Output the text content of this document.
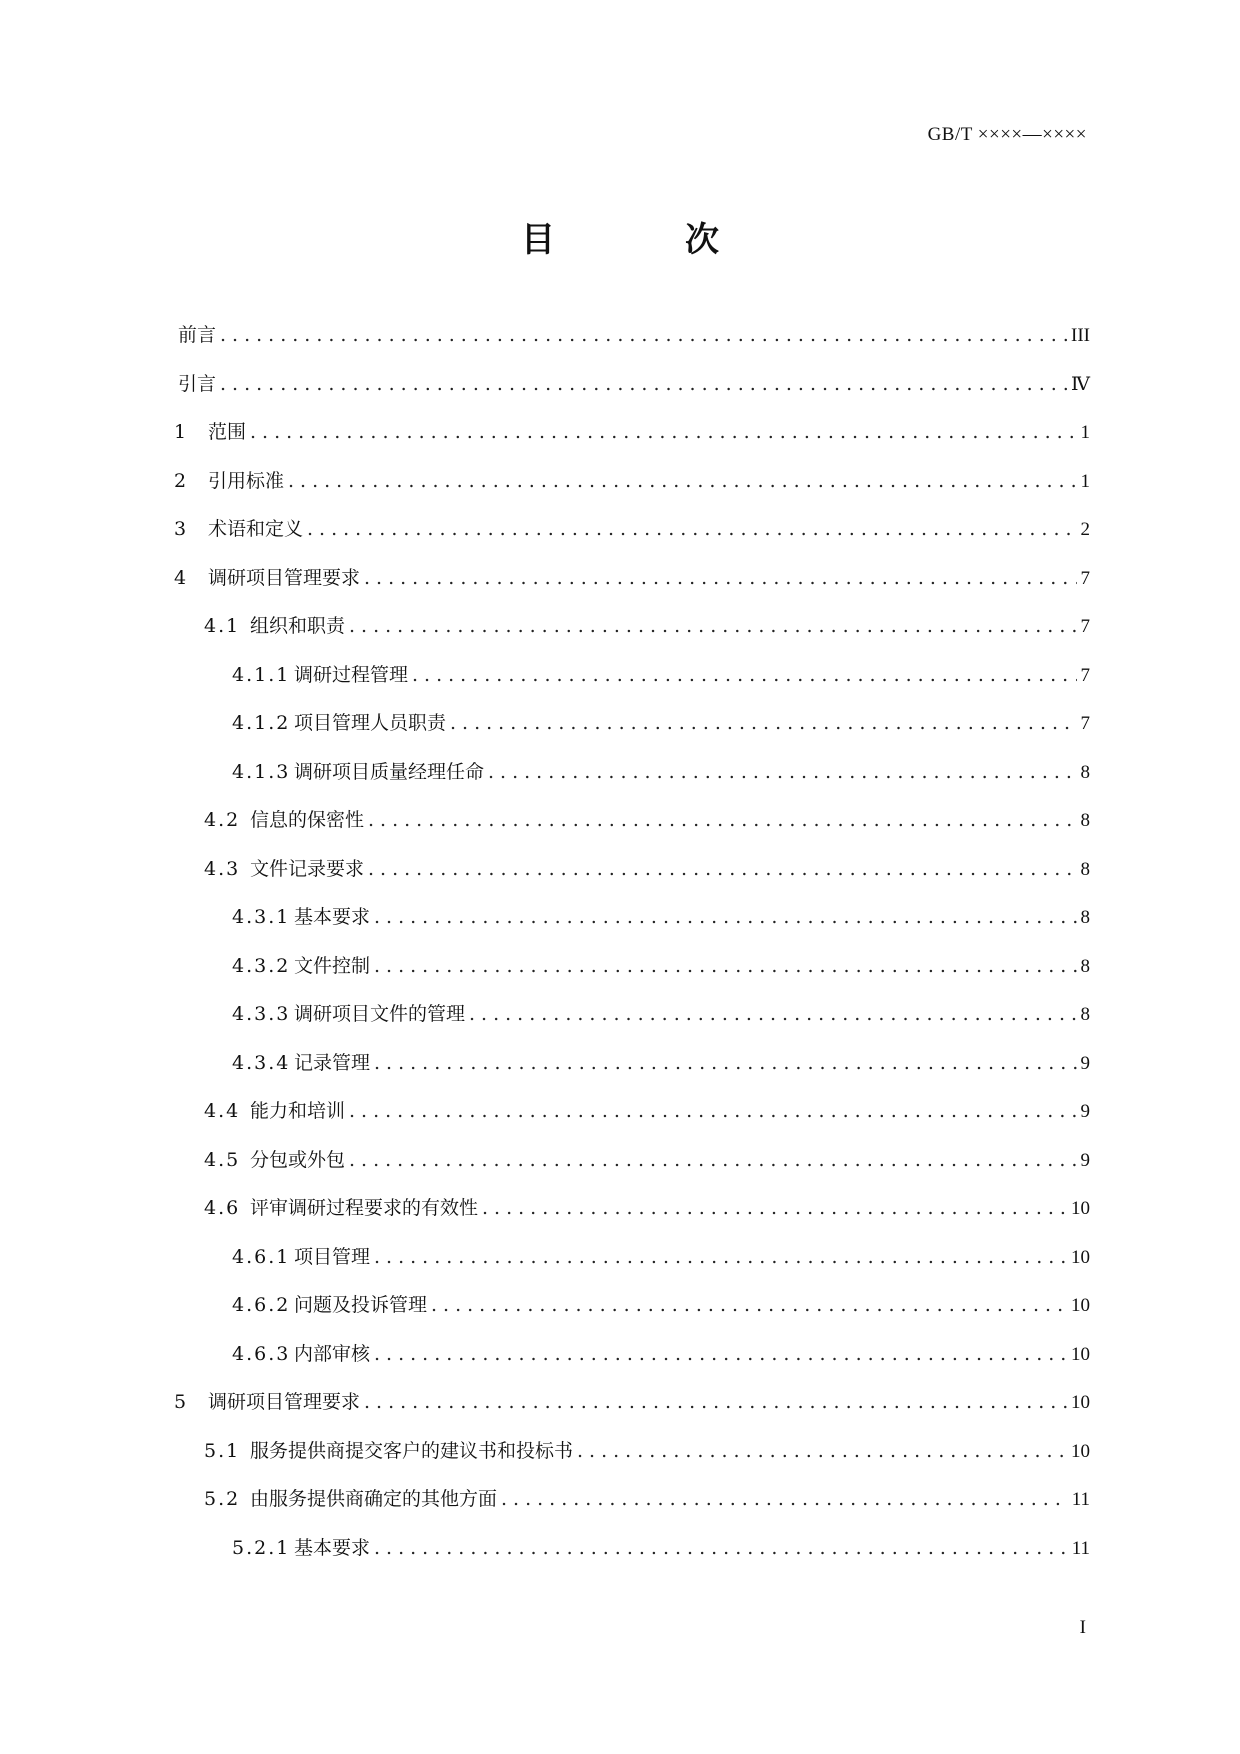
GB/T ××××—××××
目　次
前言 .....	III
引言 .....	Ⅳ
1	范围 .....	1
2	引用标准 .....	1
3	术语和定义 .....	2
4	调研项目管理要求 .....	7
4.1 组织和职责 .....	7
4.1.1 调研过程管理 .....	7
4.1.2 项目管理人员职责 .....	7
4.1.3 调研项目质量经理任命 .....	8
4.2 信息的保密性 .....	8
4.3 文件记录要求 .....	8
4.3.1 基本要求 .....	8
4.3.2 文件控制 .....	8
4.3.3 调研项目文件的管理 .....	8
4.3.4 记录管理 .....	9
4.4 能力和培训 .....	9
4.5 分包或外包 .....	9
4.6 评审调研过程要求的有效性 .....	10
4.6.1 项目管理 .....	10
4.6.2 问题及投诉管理 .....	10
4.6.3 内部审核 .....	10
5	调研项目管理要求 .....	10
5.1 服务提供商提交客户的建议书和投标书 .....	10
5.2 由服务提供商确定的其他方面 .....	11
5.2.1 基本要求 .....	11
I
